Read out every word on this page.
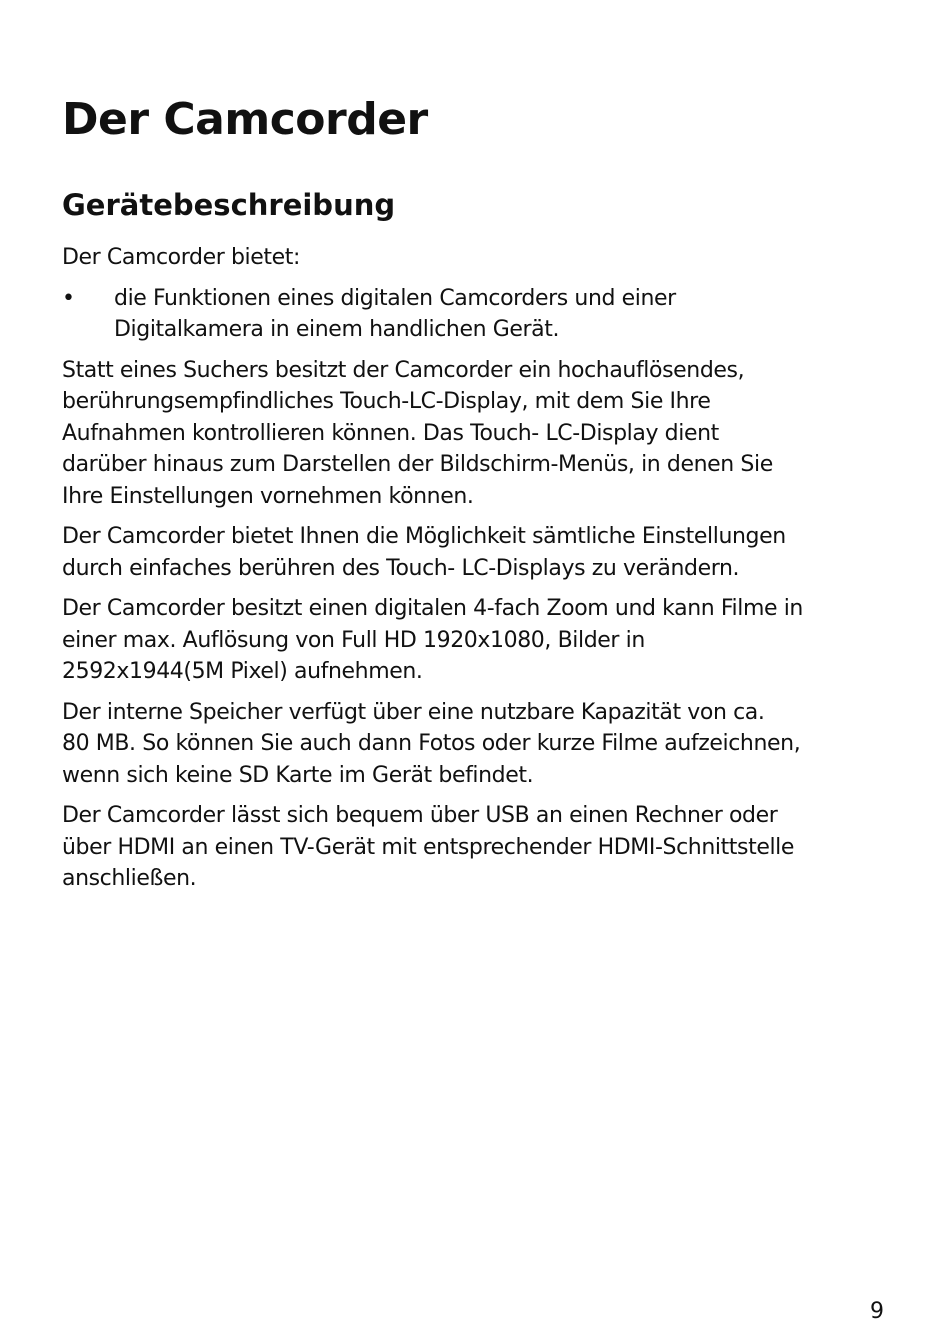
Der Camcorder
Gerätebeschreibung

Der Camcorder bietet:

•	die Funktionen eines digitalen Camcorders und einer
Digitalkamera in einem handlichen Gerät.

Statt eines Suchers besitzt der Camcorder ein hochauflösendes,
berührungsempfindliches Touch-LC-Display, mit dem Sie Ihre
Aufnahmen kontrollieren können. Das Touch- LC-Display dient
darüber hinaus zum Darstellen der Bildschirm-Menüs, in denen Sie
Ihre Einstellungen vornehmen können.

Der Camcorder bietet Ihnen die Möglichkeit sämtliche Einstellungen
durch einfaches berühren des Touch- LC-Displays zu verändern.

Der Camcorder besitzt einen digitalen 4-fach Zoom und kann Filme in
einer max. Auflösung von Full HD 1920x1080, Bilder in
2592x1944(5M Pixel) aufnehmen.

Der interne Speicher verfügt über eine nutzbare Kapazität von ca.
80 MB. So können Sie auch dann Fotos oder kurze Filme aufzeichnen,
wenn sich keine SD Karte im Gerät befindet.

Der Camcorder lässt sich bequem über USB an einen Rechner oder
über HDMI an einen TV-Gerät mit entsprechender HDMI-Schnittstelle
anschließen.

9
